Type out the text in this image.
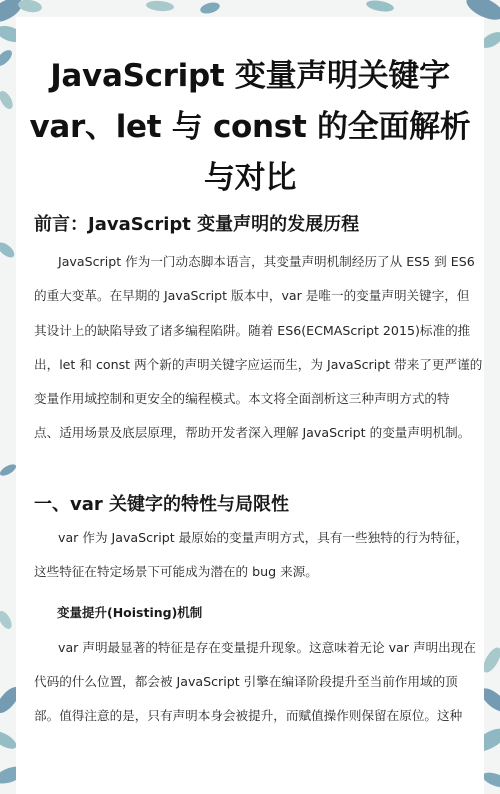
JavaScript 变量声明关键字
var、let 与 const 的全面解析
与对比
前言：JavaScript 变量声明的发展历程
JavaScript 作为一门动态脚本语言，其变量声明机制经历了从 ES5 到 ES6
的重大变革。在早期的 JavaScript 版本中，var 是唯一的变量声明关键字，但
其设计上的缺陷导致了诸多编程陷阱。随着 ES6(ECMAScript 2015)标准的推
出，let 和 const 两个新的声明关键字应运而生，为 JavaScript 带来了更严谨的
变量作用域控制和更安全的编程模式。本文将全面剖析这三种声明方式的特
点、适用场景及底层原理，帮助开发者深入理解 JavaScript 的变量声明机制。
一、var 关键字的特性与局限性
var 作为 JavaScript 最原始的变量声明方式，具有一些独特的行为特征，
这些特征在特定场景下可能成为潜在的 bug 来源。
变量提升(Hoisting)机制
var 声明最显著的特征是存在变量提升现象。这意味着无论 var 声明出现在
代码的什么位置，都会被 JavaScript 引擎在编译阶段提升至当前作用域的顶
部。值得注意的是，只有声明本身会被提升，而赋值操作则保留在原位。这种
